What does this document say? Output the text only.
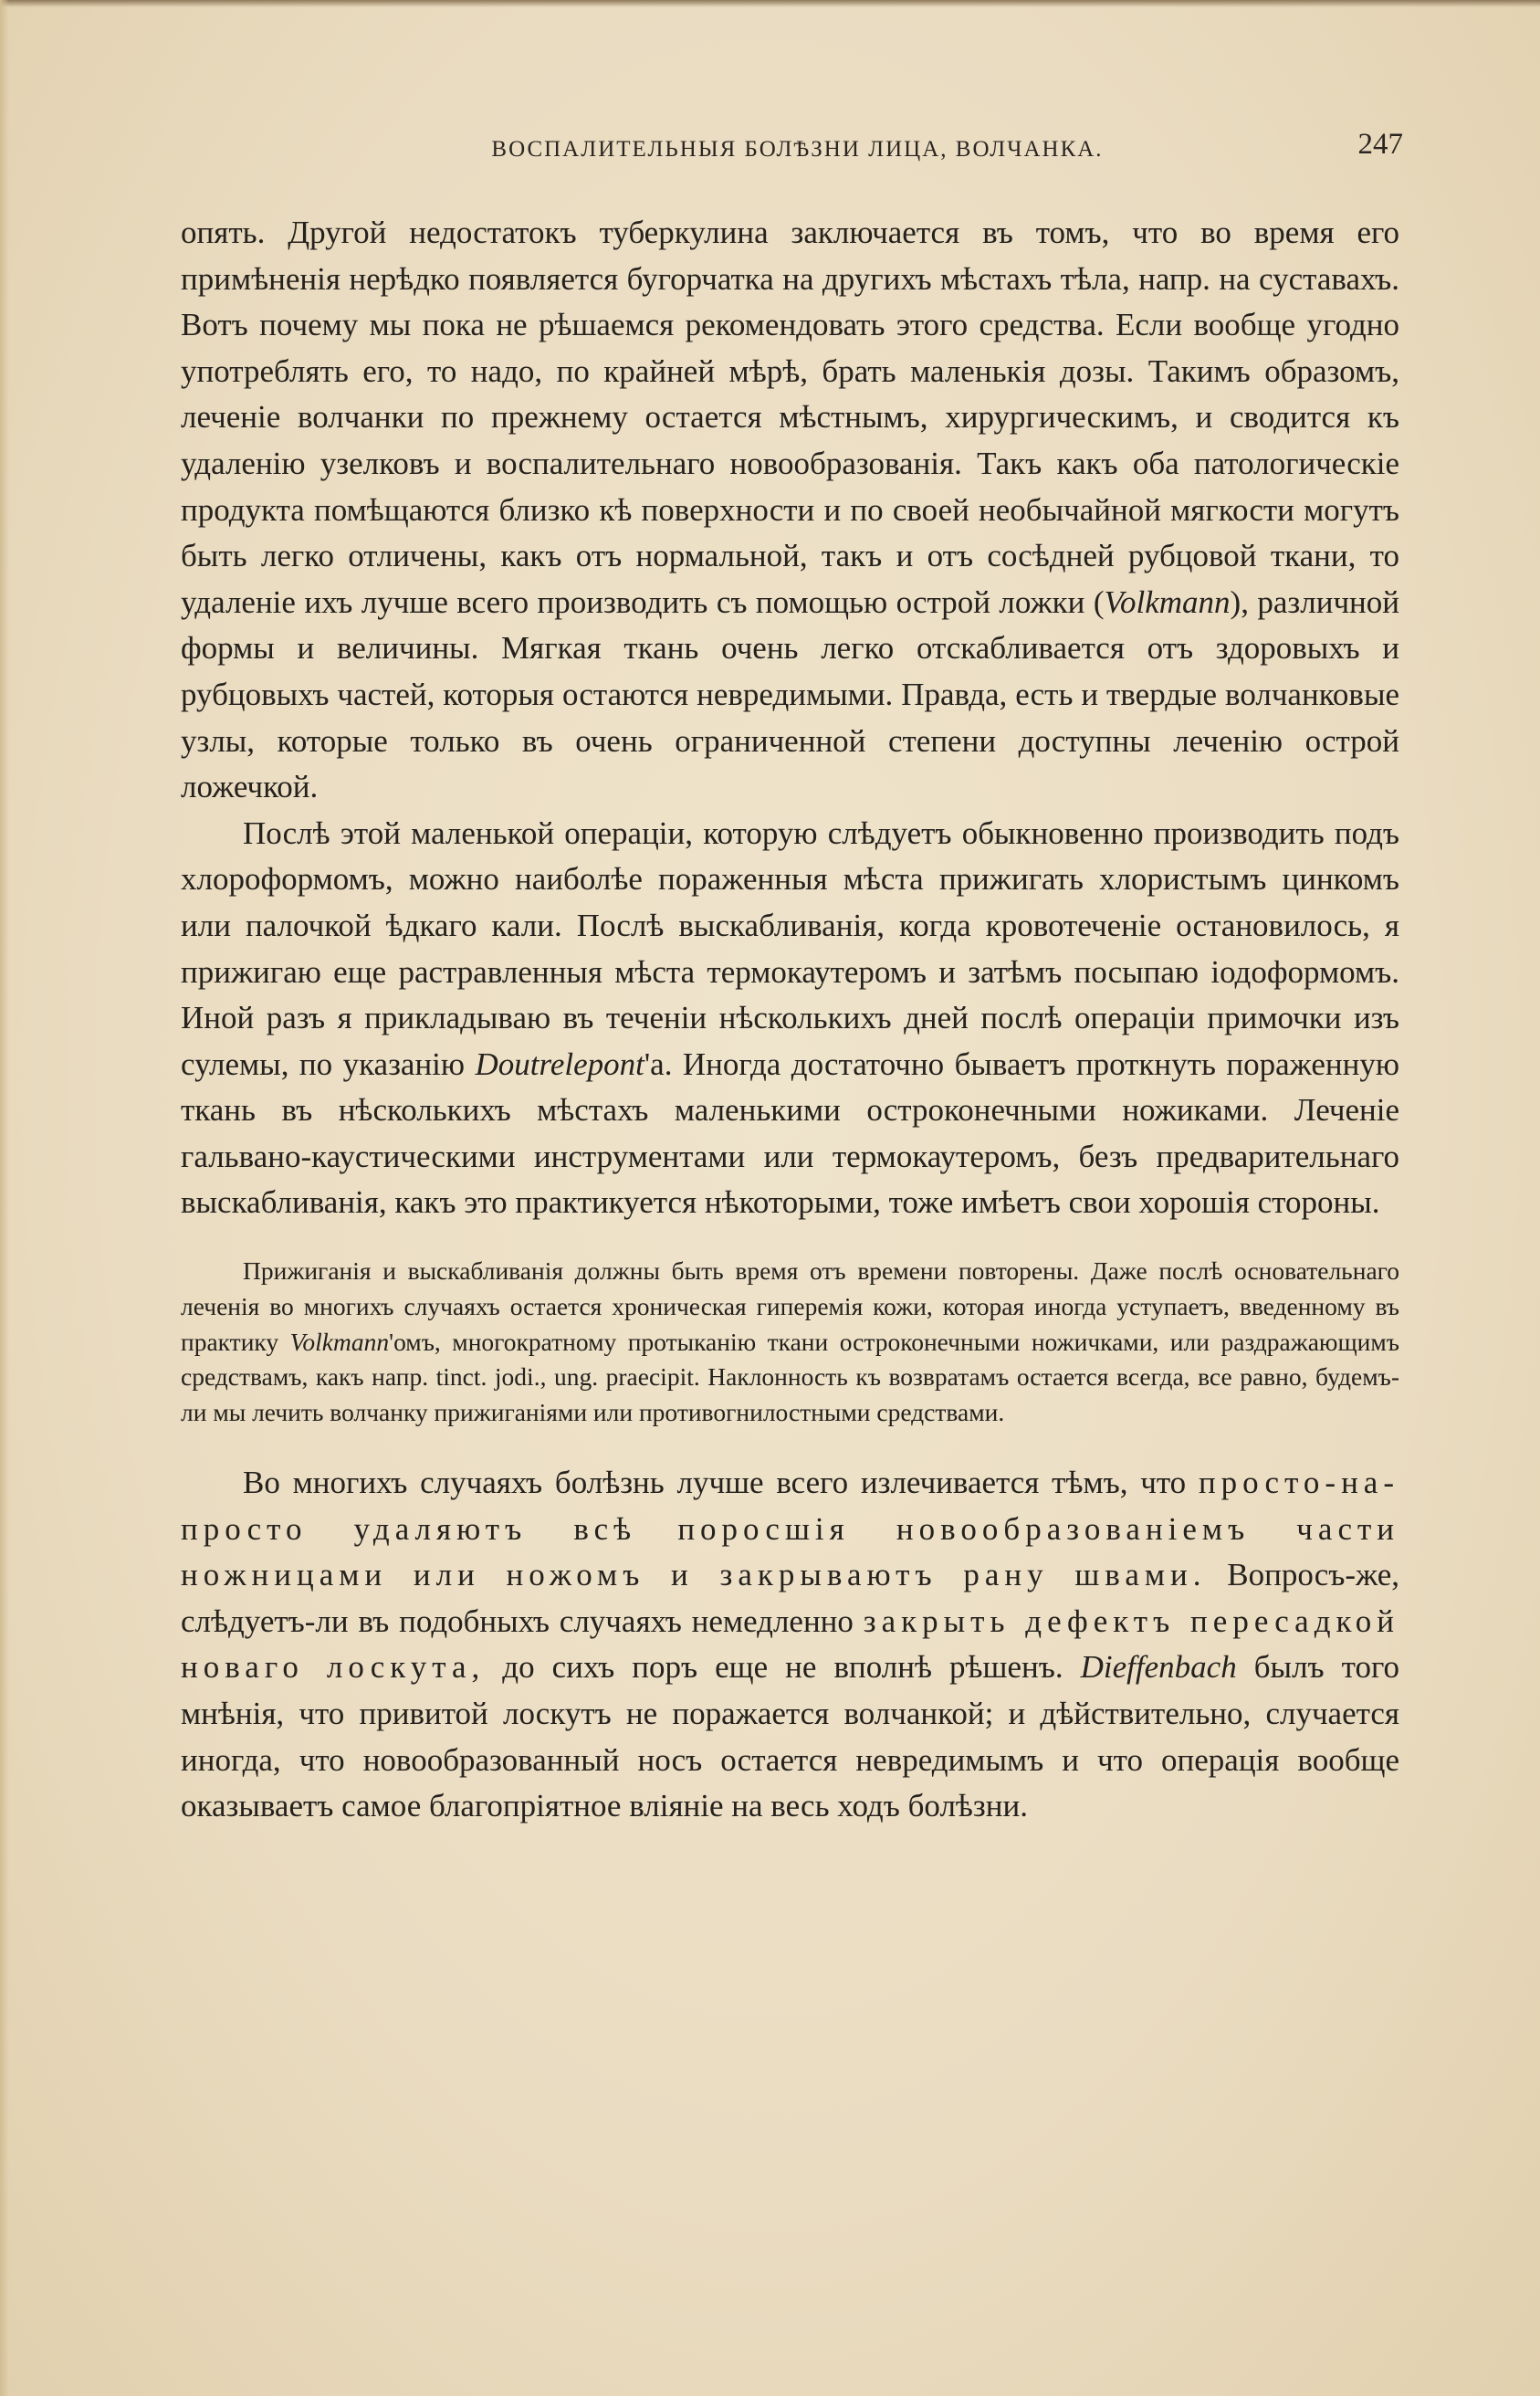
ВОСПАЛИТЕЛЬНЫЯ БОЛѢЗНИ ЛИЦА, ВОЛЧАНКА.	247

опять. Другой недостатокъ туберкулина заключается въ томъ, что во время его примѣненія нерѣдко появляется бугорчатка на другихъ мѣстахъ тѣла, напр. на суставахъ. Вотъ почему мы пока не рѣшаемся рекомендовать этого средства. Если вообще угодно употреблять его, то надо, по крайней мѣрѣ, брать маленькія дозы. Такимъ образомъ, леченіе волчанки по прежнему остается мѣстнымъ, хирургическимъ, и сводится къ удаленію узелковъ и воспалительнаго новообразованія. Такъ какъ оба патологическіе продукта помѣщаются близко кѣ поверхности и по своей необычайной мягкости могутъ быть легко отличены, какъ отъ нормальной, такъ и отъ сосѣдней рубцовой ткани, то удаленіе ихъ лучше всего производить съ помощью острой ложки (Volkmann), различной формы и величины. Мягкая ткань очень легко отскабливается отъ здоровыхъ и рубцовыхъ частей, которыя остаются невредимыми. Правда, есть и твердые волчанковые узлы, которые только въ очень ограниченной степени доступны леченію острой ложечкой.

Послѣ этой маленькой операціи, которую слѣдуетъ обыкновенно производить подъ хлороформомъ, можно наиболѣе пораженныя мѣста прижигать хлористымъ цинкомъ или палочкой ѣдкаго кали. Послѣ выскабливанія, когда кровотеченіе остановилось, я прижигаю еще растравленныя мѣста термокаутеромъ и затѣмъ посыпаю іодоформомъ. Иной разъ я прикладываю въ теченіи нѣсколькихъ дней послѣ операціи примочки изъ сулемы, по указанію Doutrelepont'а. Иногда достаточно бываетъ проткнуть пораженную ткань въ нѣсколькихъ мѣстахъ маленькими остроконечными ножиками. Леченіе гальвано-каустическими инструментами или термокаутеромъ, безъ предварительнаго выскабливанія, какъ это практикуется нѣкоторыми, тоже имѣетъ свои хорошія стороны.

Прижиганія и выскабливанія должны быть время отъ времени повторены. Даже послѣ основательнаго леченія во многихъ случаяхъ остается хроническая гиперемія кожи, которая иногда уступаетъ, введенному въ практику Volkmann'омъ, многократному протыканію ткани остроконечными ножичками, или раздражающимъ средствамъ, какъ напр. tinct. jodi., ung. praecipit. Наклонность къ возвратамъ остается всегда, все равно, будемъ-ли мы лечить волчанку прижиганіями или противогнилостными средствами.

Во многихъ случаяхъ болѣзнь лучше всего излечивается тѣмъ, что просто-на-просто удаляютъ всѣ поросшія новообразованіемъ части ножницами или ножомъ и закрываютъ рану швами. Вопросъ-же, слѣдуетъ-ли въ подобныхъ случаяхъ немедленно закрыть дефектъ пересадкой новаго лоскута, до сихъ поръ еще не вполнѣ рѣшенъ. Dieffenbach былъ того мнѣнія, что привитой лоскутъ не поражается волчанкой; и дѣйствительно, случается иногда, что новообразованный носъ остается невредимымъ и что операція вообще оказываетъ самое благопріятное вліяніе на весь ходъ болѣзни.
